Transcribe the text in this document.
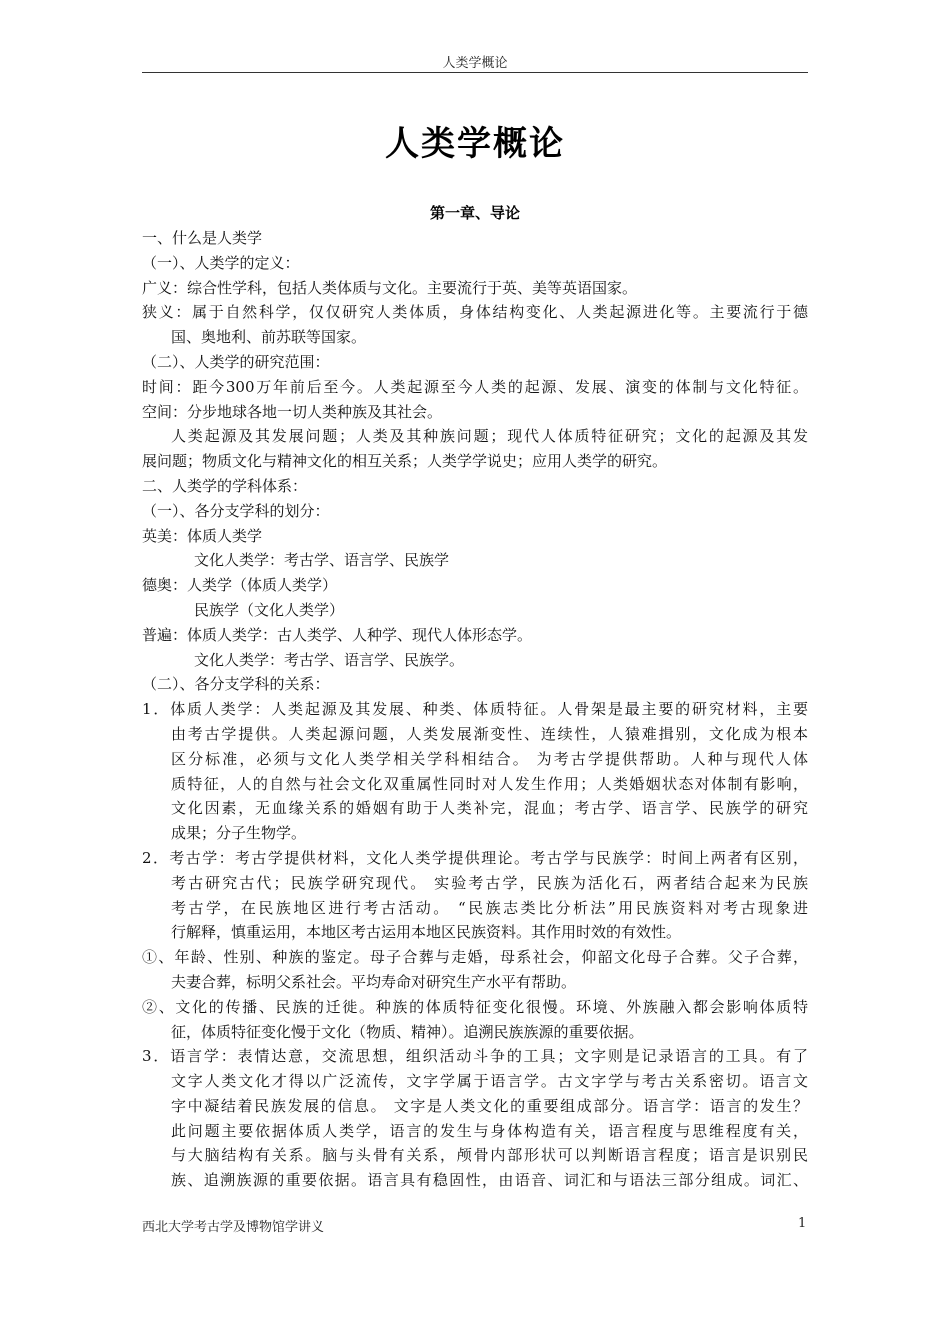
人类学概论
人类学概论
第一章、导论
一、什么是人类学
（一）、人类学的定义：
广义：综合性学科，包括人类体质与文化。主要流行于英、美等英语国家。
狭义：属于自然科学，仅仅研究人类体质，身体结构变化、人类起源进化等。主要流行于德
国、奥地利、前苏联等国家。
（二）、人类学的研究范围：
时间：距今300万年前后至今。人类起源至今人类的起源、发展、演变的体制与文化特征。
空间：分步地球各地一切人类种族及其社会。
人类起源及其发展问题；人类及其种族问题；现代人体质特征研究；文化的起源及其发
展问题；物质文化与精神文化的相互关系；人类学学说史；应用人类学的研究。
二、人类学的学科体系：
（一）、各分支学科的划分：
英美：体质人类学
文化人类学：考古学、语言学、民族学
德奥：人类学（体质人类学）
民族学（文化人类学）
普遍：体质人类学：古人类学、人种学、现代人体形态学。
文化人类学：考古学、语言学、民族学。
（二）、各分支学科的关系：
1．体质人类学：人类起源及其发展、种类、体质特征。人骨架是最主要的研究材料，主要
由考古学提供。人类起源问题，人类发展渐变性、连续性，人猿难揖别，文化成为根本
区分标准，必须与文化人类学相关学科相结合。 为考古学提供帮助。人种与现代人体
质特征，人的自然与社会文化双重属性同时对人发生作用；人类婚姻状态对体制有影响，
文化因素，无血缘关系的婚姻有助于人类补完，混血；考古学、语言学、民族学的研究
成果；分子生物学。
2．考古学：考古学提供材料，文化人类学提供理论。考古学与民族学：时间上两者有区别，
考古研究古代；民族学研究现代。 实验考古学，民族为活化石，两者结合起来为民族
考古学，在民族地区进行考古活动。 “民族志类比分析法”用民族资料对考古现象进
行解释，慎重运用，本地区考古运用本地区民族资料。其作用时效的有效性。
①、年龄、性别、种族的鉴定。母子合葬与走婚，母系社会，仰韶文化母子合葬。父子合葬，
夫妻合葬，标明父系社会。平均寿命对研究生产水平有帮助。
②、文化的传播、民族的迁徙。种族的体质特征变化很慢。环境、外族融入都会影响体质特
征，体质特征变化慢于文化（物质、精神）。追溯民族族源的重要依据。
3．语言学：表情达意，交流思想，组织活动斗争的工具；文字则是记录语言的工具。有了
文字人类文化才得以广泛流传，文字学属于语言学。古文字学与考古关系密切。语言文
字中凝结着民族发展的信息。 文字是人类文化的重要组成部分。语言学：语言的发生？
此问题主要依据体质人类学，语言的发生与身体构造有关，语言程度与思维程度有关，
与大脑结构有关系。脑与头骨有关系，颅骨内部形状可以判断语言程度；语言是识别民
族、追溯族源的重要依据。语言具有稳固性，由语音、词汇和与语法三部分组成。词汇、
西北大学考古学及博物馆学讲义	1
